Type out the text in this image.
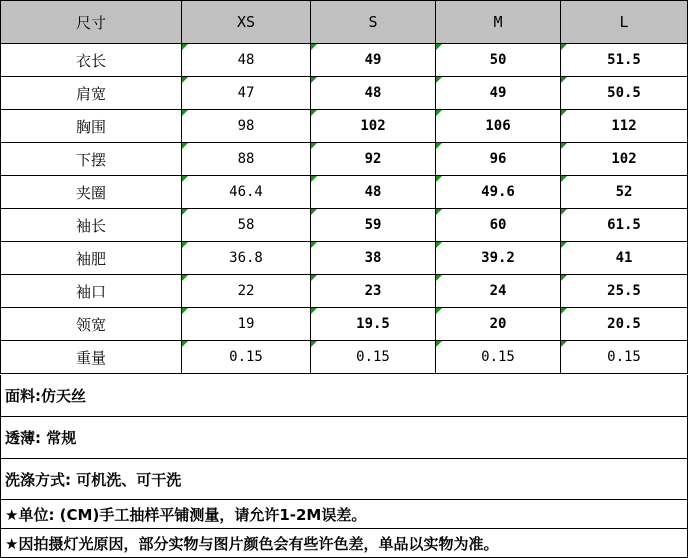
尺寸	XS	S	M	L
衣长	48	49	50	51.5
肩宽	47	48	49	50.5
胸围	98	102	106	112
下摆	88	92	96	102
夹圈	46.4	48	49.6	52
袖长	58	59	60	61.5
袖肥	36.8	38	39.2	41
袖口	22	23	24	25.5
领宽	19	19.5	20	20.5
重量	0.15	0.15	0.15	0.15
面料:仿天丝
透薄: 常规
洗涤方式: 可机洗、可干洗
★单位: (CM)手工抽样平铺测量，请允许1-2M误差。
★因拍摄灯光原因，部分实物与图片颜色会有些许色差，单品以实物为准。
